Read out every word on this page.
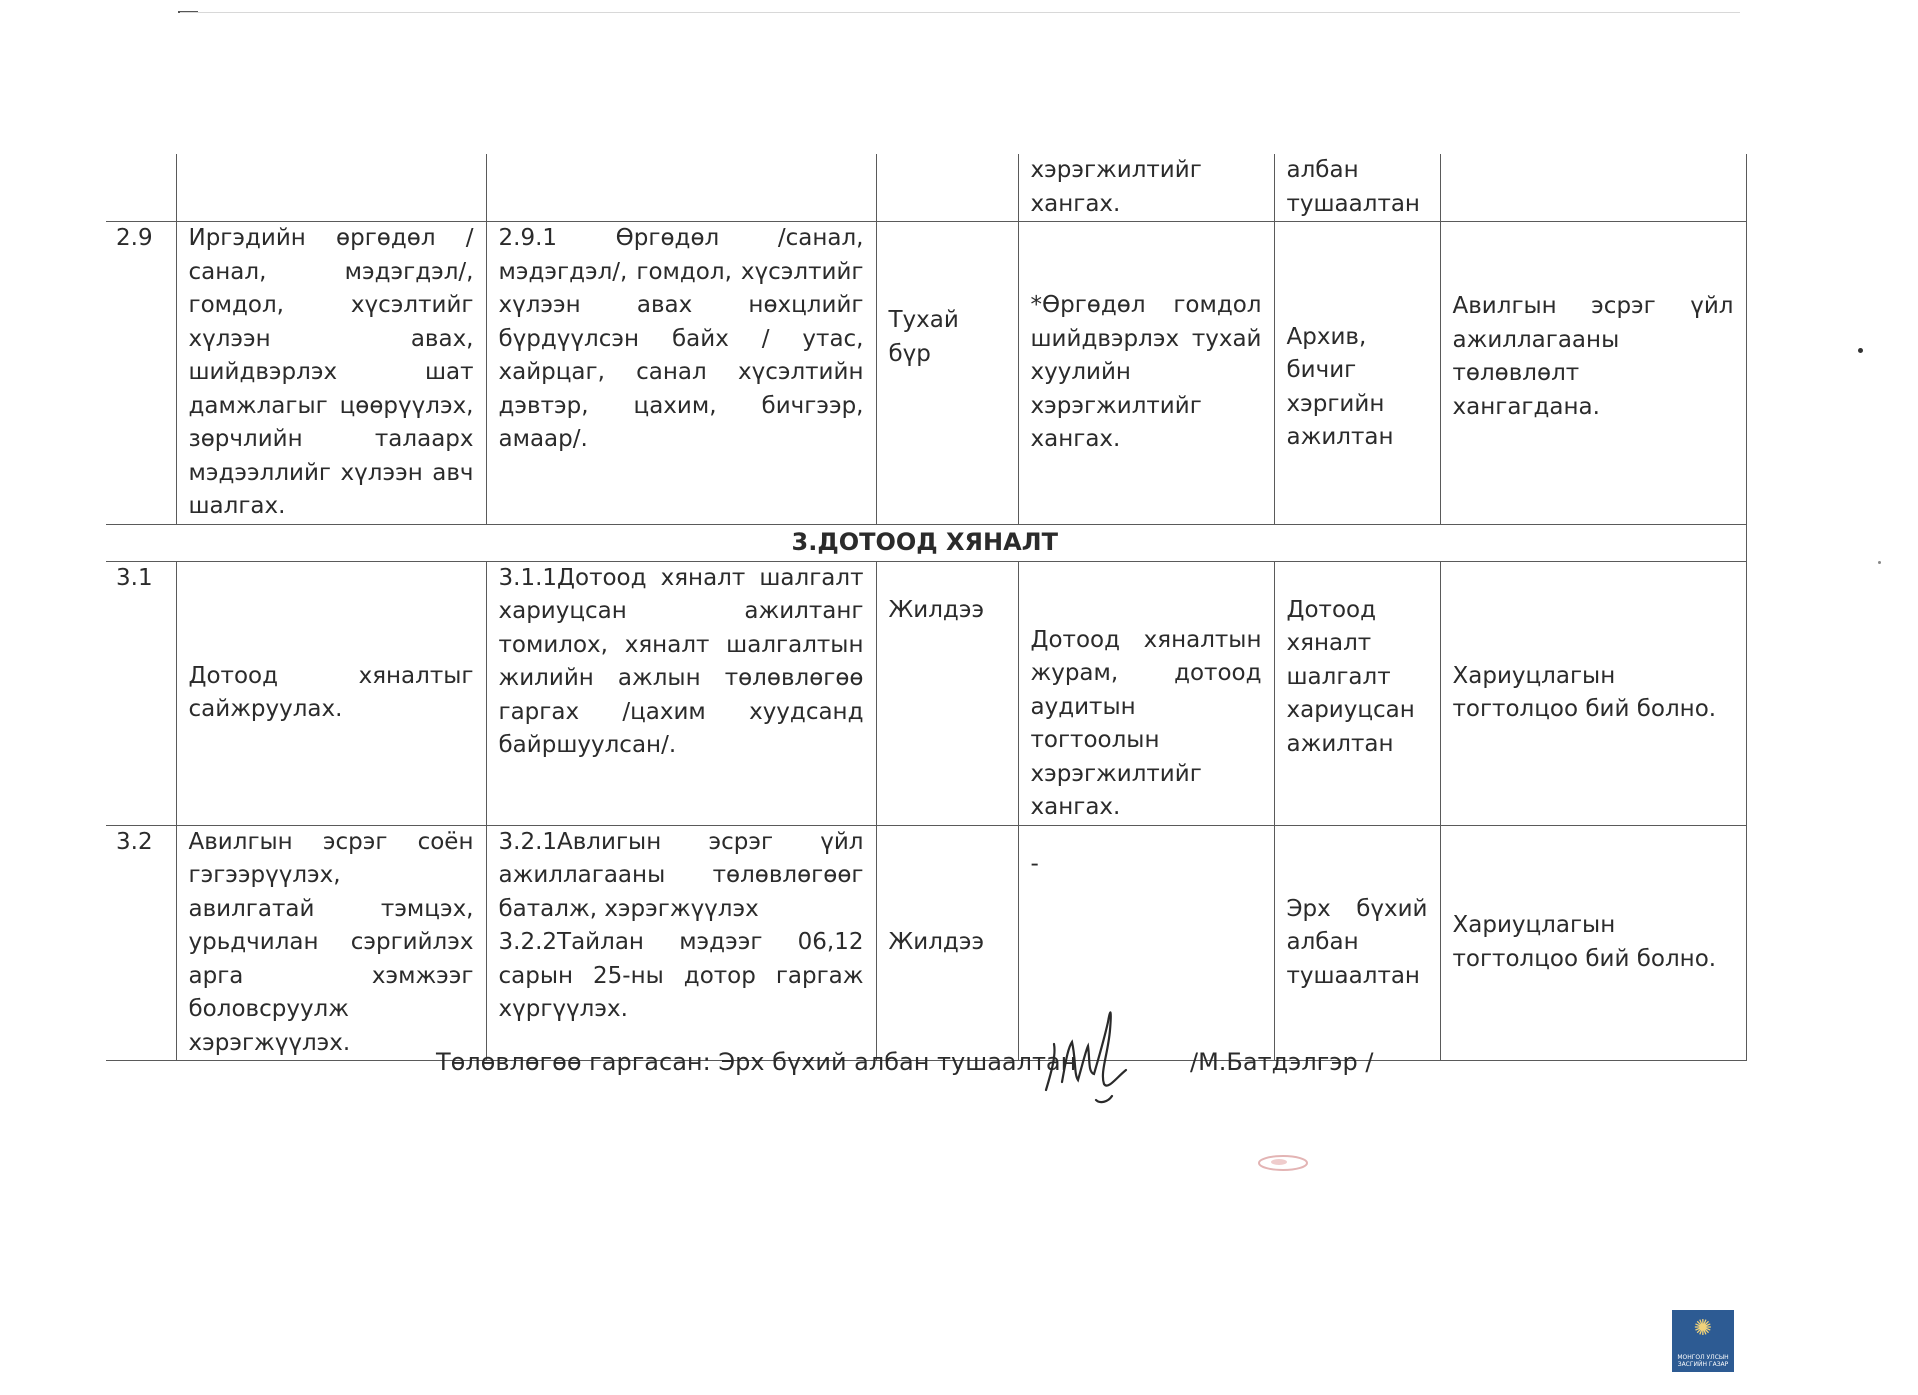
				хэрэгжилтийг
хангах.	албан
тушаалтан	
2.9	Иргэдийн өргөдөл /санал, мэдэгдэл/, гомдол, хүсэлтийг хүлээн авах, шийдвэрлэх шат дамжлагыг цөөрүүлэх, зөрчлийн талаарх мэдээллийг хүлээн авч шалгах.	2.9.1 Өргөдөл /санал, мэдэгдэл/, гомдол, хүсэлтийг хүлээн авах нөхцлийг бүрдүүлсэн байх / утас, хайрцаг, санал хүсэлтийн дэвтэр, цахим, бичгээр, амаар/.	Тухай бүр	*Өргөдөл гомдол шийдвэрлэх тухай хуулийн хэрэгжилтийг хангах.	Архив,
бичиг
хэргийн
ажилтан	Авилгын эсрэг үйл ажиллагааны төлөвлөлт хангагдана.
3.ДОТООД ХЯНАЛТ						
3.1	Дотоод хяналтыг сайжруулах.	3.1.1Дотоод хяналт шалгалт хариуцсан ажилтанг томилох, хяналт шалгалтын жилийн ажлын төлөвлөгөө гаргах /цахим хуудсанд байршуулсан/.	Жилдээ	Дотоод хяналтын журам, дотоод аудитын тогтоолын хэрэгжилтийг хангах.	Дотоод
хяналт
шалгалт
хариуцсан
ажилтан	Хариуцлагын тогтолцоо бий болно.
3.2	Авилгын эсрэг соён гэгээрүүлэх, авилгатай тэмцэх, урьдчилан сэргийлэх арга хэмжээг боловсруулж хэрэгжүүлэх.	3.2.1Авлигын эсрэг үйл ажиллагааны төлөвлөгөөг баталж, хэрэгжүүлэх
3.2.2Тайлан мэдээг 06,12 сарын 25-ны дотор гаргаж хүргүүлэх.	Жилдээ	-	Эрх бүхий албан тушаалтан	Хариуцлагын тогтолцоо бий болно.
Төлөвлөгөө гаргасан: Эрх бүхий албан тушаалтан	/М.Батдэлгэр /
✺
МОНГОЛ УЛСЫН ЗАСГИЙН ГАЗАР
